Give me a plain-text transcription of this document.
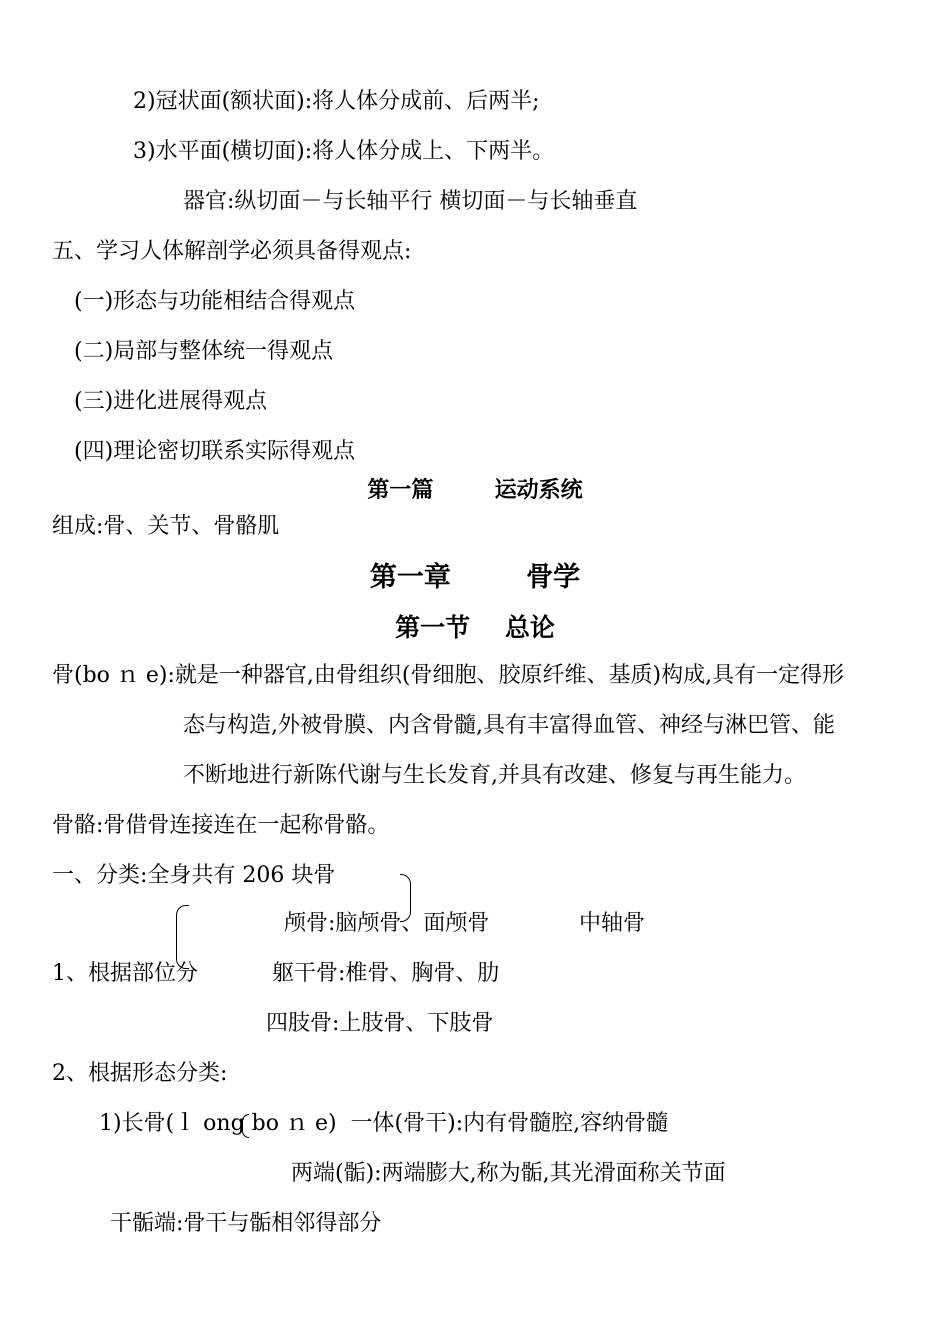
2)冠状面(额状面):将人体分成前、后两半;
3)水平面(横切面):将人体分成上、下两半。
器官:纵切面－与长轴平行 横切面－与长轴垂直
五、学习人体解剖学必须具备得观点:
(一)形态与功能相结合得观点
(二)局部与整体统一得观点
(三)进化进展得观点
(四)理论密切联系实际得观点
第一篇        运动系统
组成:骨、关节、骨骼肌
第一章        骨学
第一节    总论
骨(bo ｎ e):就是一种器官,由骨组织(骨细胞、胶原纤维、基质)构成,具有一定得形
态与构造,外被骨膜、内含骨髓,具有丰富得血管、神经与淋巴管、能
不断地进行新陈代谢与生长发育,并具有改建、修复与再生能力。
骨骼:骨借骨连接连在一起称骨骼。
一、分类:全身共有 206 块骨
颅骨:脑颅骨、面颅骨	中轴骨
1、根据部位分	躯干骨:椎骨、胸骨、肋
四肢骨:上肢骨、下肢骨
2、根据形态分类:
1)长骨(ｌ ong bo ｎ e)  一体(骨干):内有骨髓腔,容纳骨髓
两端(骺):两端膨大,称为骺,其光滑面称关节面
干骺端:骨干与骺相邻得部分
